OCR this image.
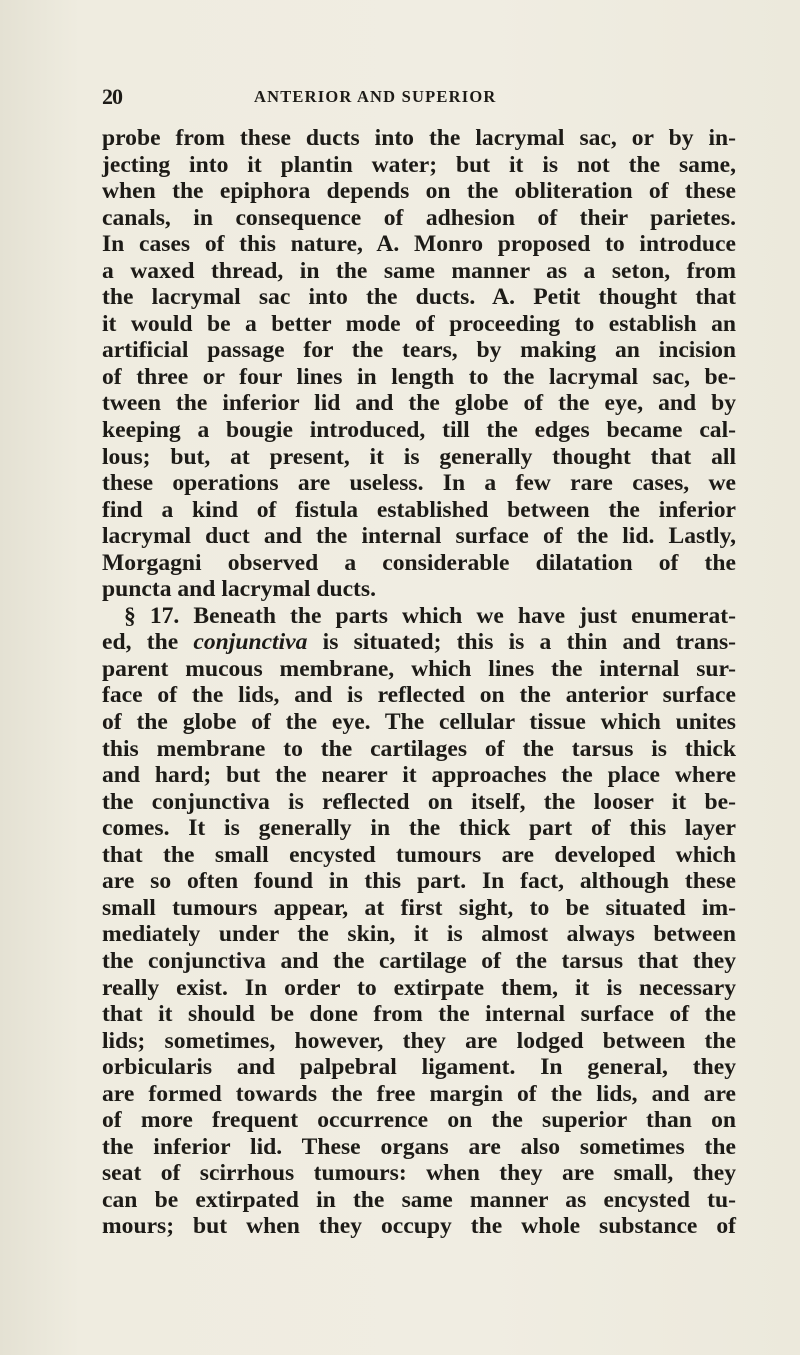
20	ANTERIOR AND SUPERIOR
probe from these ducts into the lacrymal sac, or by in-
jecting into it plantin water; but it is not the same,
when the epiphora depends on the obliteration of these
canals, in consequence of adhesion of their parietes.
In cases of this nature, A. Monro proposed to introduce
a waxed thread, in the same manner as a seton, from
the lacrymal sac into the ducts. A. Petit thought that
it would be a better mode of proceeding to establish an
artificial passage for the tears, by making an incision
of three or four lines in length to the lacrymal sac, be-
tween the inferior lid and the globe of the eye, and by
keeping a bougie introduced, till the edges became cal-
lous; but, at present, it is generally thought that all
these operations are useless. In a few rare cases, we
find a kind of fistula established between the inferior
lacrymal duct and the internal surface of the lid. Lastly,
Morgagni observed a considerable dilatation of the
puncta and lacrymal ducts.
§ 17. Beneath the parts which we have just enumerat-
ed, the conjunctiva is situated; this is a thin and trans-
parent mucous membrane, which lines the internal sur-
face of the lids, and is reflected on the anterior surface
of the globe of the eye. The cellular tissue which unites
this membrane to the cartilages of the tarsus is thick
and hard; but the nearer it approaches the place where
the conjunctiva is reflected on itself, the looser it be-
comes. It is generally in the thick part of this layer
that the small encysted tumours are developed which
are so often found in this part. In fact, although these
small tumours appear, at first sight, to be situated im-
mediately under the skin, it is almost always between
the conjunctiva and the cartilage of the tarsus that they
really exist. In order to extirpate them, it is necessary
that it should be done from the internal surface of the
lids; sometimes, however, they are lodged between the
orbicularis and palpebral ligament. In general, they
are formed towards the free margin of the lids, and are
of more frequent occurrence on the superior than on
the inferior lid. These organs are also sometimes the
seat of scirrhous tumours: when they are small, they
can be extirpated in the same manner as encysted tu-
mours; but when they occupy the whole substance of
